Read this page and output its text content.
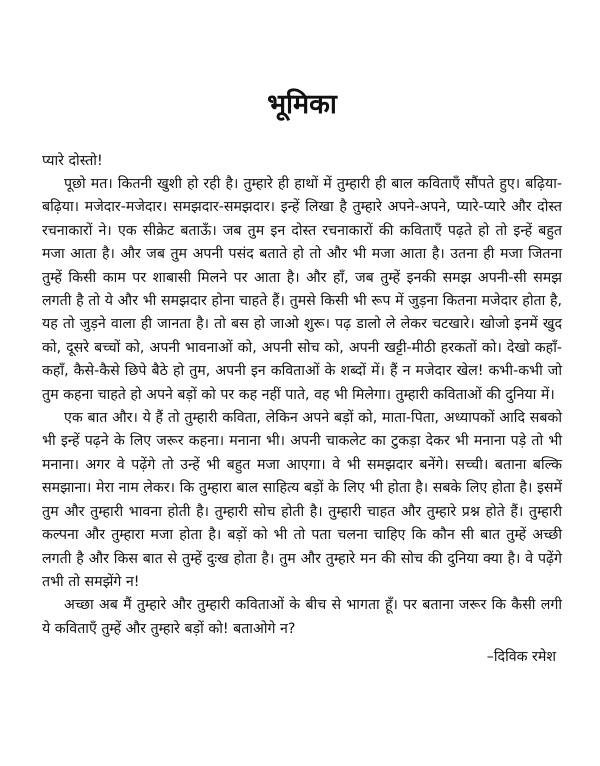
भूमिका

प्यारे दोस्तो!

पूछो मत। कितनी खुशी हो रही है। तुम्हारे ही हाथों में तुम्हारी ही बाल कविताएँ सौंपते हुए। बढ़िया-बढ़िया। मजेदार-मजेदार। समझदार-समझदार। इन्हें लिखा है तुम्हारे अपने-अपने, प्यारे-प्यारे और दोस्त रचनाकारों ने। एक सीक्रेट बताऊँ। जब तुम इन दोस्त रचनाकारों की कविताएँ पढ़ते हो तो इन्हें बहुत मजा आता है। और जब तुम अपनी पसंद बताते हो तो और भी मजा आता है। उतना ही मजा जितना तुम्हें किसी काम पर शाबासी मिलने पर आता है। और हाँ, जब तुम्हें इनकी समझ अपनी-सी समझ लगती है तो ये और भी समझदार होना चाहते हैं। तुमसे किसी भी रूप में जुड़ना कितना मजेदार होता है, यह तो जुड़ने वाला ही जानता है। तो बस हो जाओ शुरू। पढ़ डालो ले लेकर चटखारे। खोजो इनमें खुद को, दूसरे बच्चों को, अपनी भावनाओं को, अपनी सोच को, अपनी खट्टी-मीठी हरकतों को। देखो कहाँ-कहाँ, कैसे-कैसे छिपे बैठे हो तुम, अपनी इन कविताओं के शब्दों में। हैं न मजेदार खेल! कभी-कभी जो तुम कहना चाहते हो अपने बड़ों को पर कह नहीं पाते, वह भी मिलेगा। तुम्हारी कविताओं की दुनिया में।

एक बात और। ये हैं तो तुम्हारी कविता, लेकिन अपने बड़ों को, माता-पिता, अध्यापकों आदि सबको भी इन्हें पढ़ने के लिए जरूर कहना। मनाना भी। अपनी चाकलेट का टुकड़ा देकर भी मनाना पड़े तो भी मनाना। अगर वे पढ़ेंगे तो उन्हें भी बहुत मजा आएगा। वे भी समझदार बनेंगे। सच्ची। बताना बल्कि समझाना। मेरा नाम लेकर। कि तुम्हारा बाल साहित्य बड़ों के लिए भी होता है। सबके लिए होता है। इसमें तुम और तुम्हारी भावना होती है। तुम्हारी सोच होती है। तुम्हारी चाहत और तुम्हारे प्रश्न होते हैं। तुम्हारी कल्पना और तुम्हारा मजा होता है। बड़ों को भी तो पता चलना चाहिए कि कौन सी बात तुम्हें अच्छी लगती है और किस बात से तुम्हें दुःख होता है। तुम और तुम्हारे मन की सोच की दुनिया क्या है। वे पढ़ेंगे तभी तो समझेंगे न!

अच्छा अब मैं तुम्हारे और तुम्हारी कविताओं के बीच से भागता हूँ। पर बताना जरूर कि कैसी लगी ये कविताएँ तुम्हें और तुम्हारे बड़ों को! बताओगे न?

–दिविक रमेश
